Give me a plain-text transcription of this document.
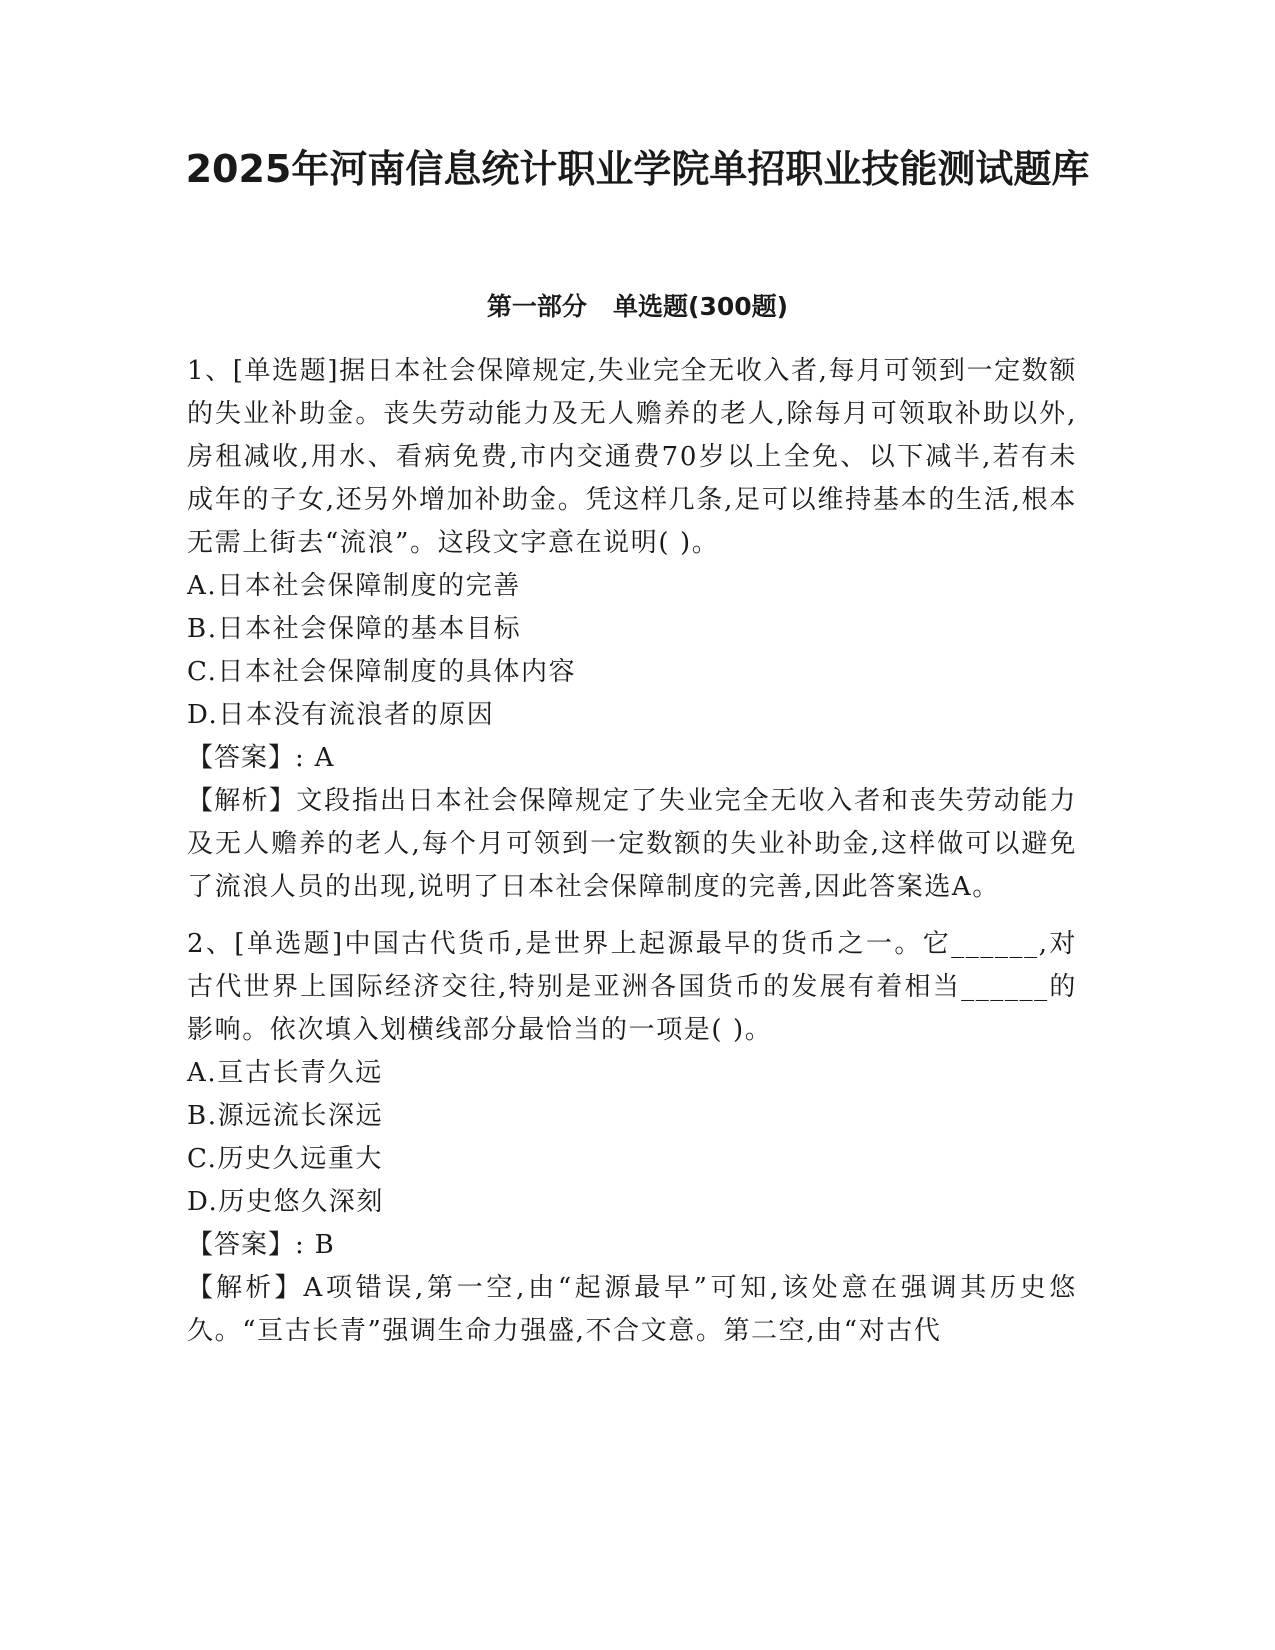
2025年河南信息统计职业学院单招职业技能测试题库
第一部分   单选题(300题)

1、[单选题]据日本社会保障规定,失业完全无收入者,每月可领到一定数额的失业补助金。丧失劳动能力及无人赡养的老人,除每月可领取补助以外,房租减收,用水、看病免费,市内交通费70岁以上全免、以下减半,若有未成年的子女,还另外增加补助金。凭这样几条,足可以维持基本的生活,根本无需上街去“流浪”。这段文字意在说明( )。

A.日本社会保障制度的完善

B.日本社会保障的基本目标

C.日本社会保障制度的具体内容

D.日本没有流浪者的原因

【答案】: A

【解析】文段指出日本社会保障规定了失业完全无收入者和丧失劳动能力及无人赡养的老人,每个月可领到一定数额的失业补助金,这样做可以避免了流浪人员的出现,说明了日本社会保障制度的完善,因此答案选A。

2、[单选题]中国古代货币,是世界上起源最早的货币之一。它______,对古代世界上国际经济交往,特别是亚洲各国货币的发展有着相当______的影响。依次填入划横线部分最恰当的一项是( )。

A.亘古长青久远

B.源远流长深远

C.历史久远重大

D.历史悠久深刻

【答案】: B

【解析】A项错误,第一空,由“起源最早”可知,该处意在强调其历史悠久。“亘古长青”强调生命力强盛,不合文意。第二空,由“对古代
